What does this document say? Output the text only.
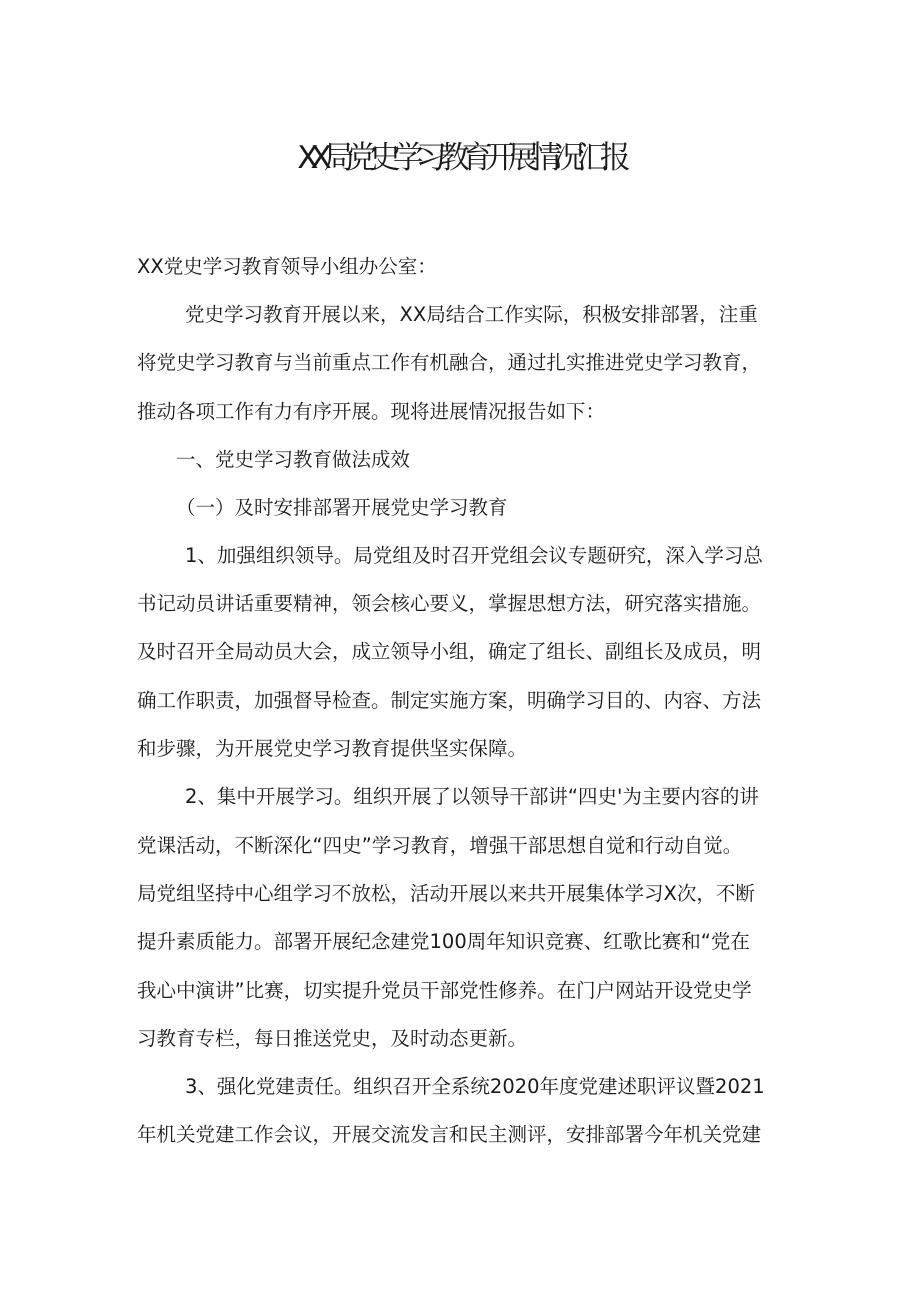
XX局党史学习教育开展情况汇报

XX党史学习教育领导小组办公室：

党史学习教育开展以来，XX局结合工作实际，积极安排部署，注重
将党史学习教育与当前重点工作有机融合，通过扎实推进党史学习教育，
推动各项工作有力有序开展。现将进展情况报告如下：

一、党史学习教育做法成效

（一）及时安排部署开展党史学习教育

1、加强组织领导。局党组及时召开党组会议专题研究，深入学习总
书记动员讲话重要精神，领会核心要义，掌握思想方法，研究落实措施。
及时召开全局动员大会，成立领导小组，确定了组长、副组长及成员，明
确工作职责，加强督导检查。制定实施方案，明确学习目的、内容、方法
和步骤，为开展党史学习教育提供坚实保障。

2、集中开展学习。组织开展了以领导干部讲“四史'为主要内容的讲
党课活动，不断深化“四史”学习教育，增强干部思想自觉和行动自觉。
局党组坚持中心组学习不放松，活动开展以来共开展集体学习X次，不断
提升素质能力。部署开展纪念建党100周年知识竞赛、红歌比赛和“党在
我心中演讲”比赛，切实提升党员干部党性修养。在门户网站开设党史学
习教育专栏，每日推送党史，及时动态更新。

3、强化党建责任。组织召开全系统2020年度党建述职评议暨2021
年机关党建工作会议，开展交流发言和民主测评，安排部署今年机关党建
